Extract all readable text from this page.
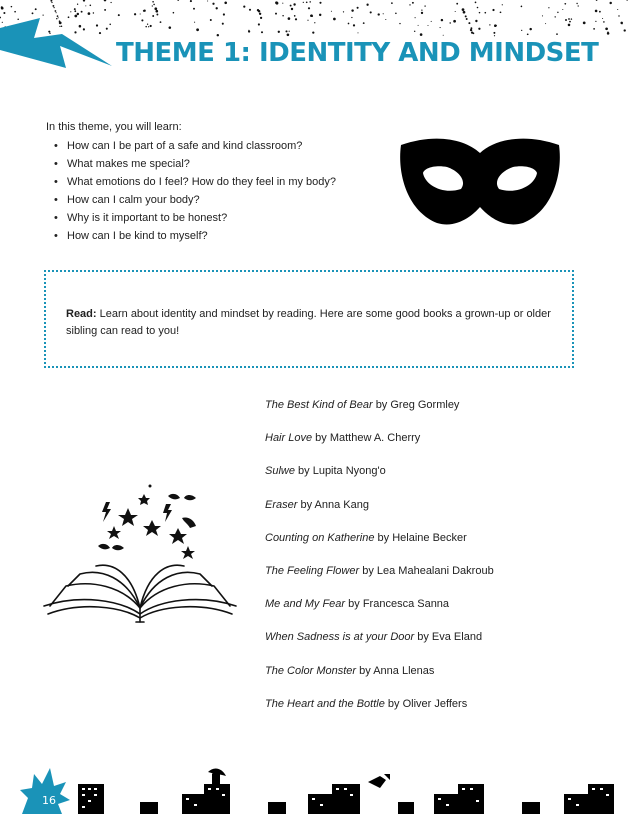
THEME 1: IDENTITY AND MINDSET
In this theme, you will learn:
• How can I be part of a safe and kind classroom?
• What makes me special?
• What emotions do I feel? How do they feel in my body?
• How can I calm your body?
• Why is it important to be honest?
• How can I be kind to myself?

Read: Learn about identity and mindset by reading. Here are some good books a grown-up or older sibling can read to you!

The Best Kind of Bear by Greg Gormley
Hair Love by Matthew A. Cherry
Sulwe by Lupita Nyong'o
Eraser by Anna Kang
Counting on Katherine by Helaine Becker
The Feeling Flower by Lea Mahealani Dakroub
Me and My Fear by Francesca Sanna
When Sadness is at your Door by Eva Eland
The Color Monster by Anna Llenas
The Heart and the Bottle by Oliver Jeffers
16
